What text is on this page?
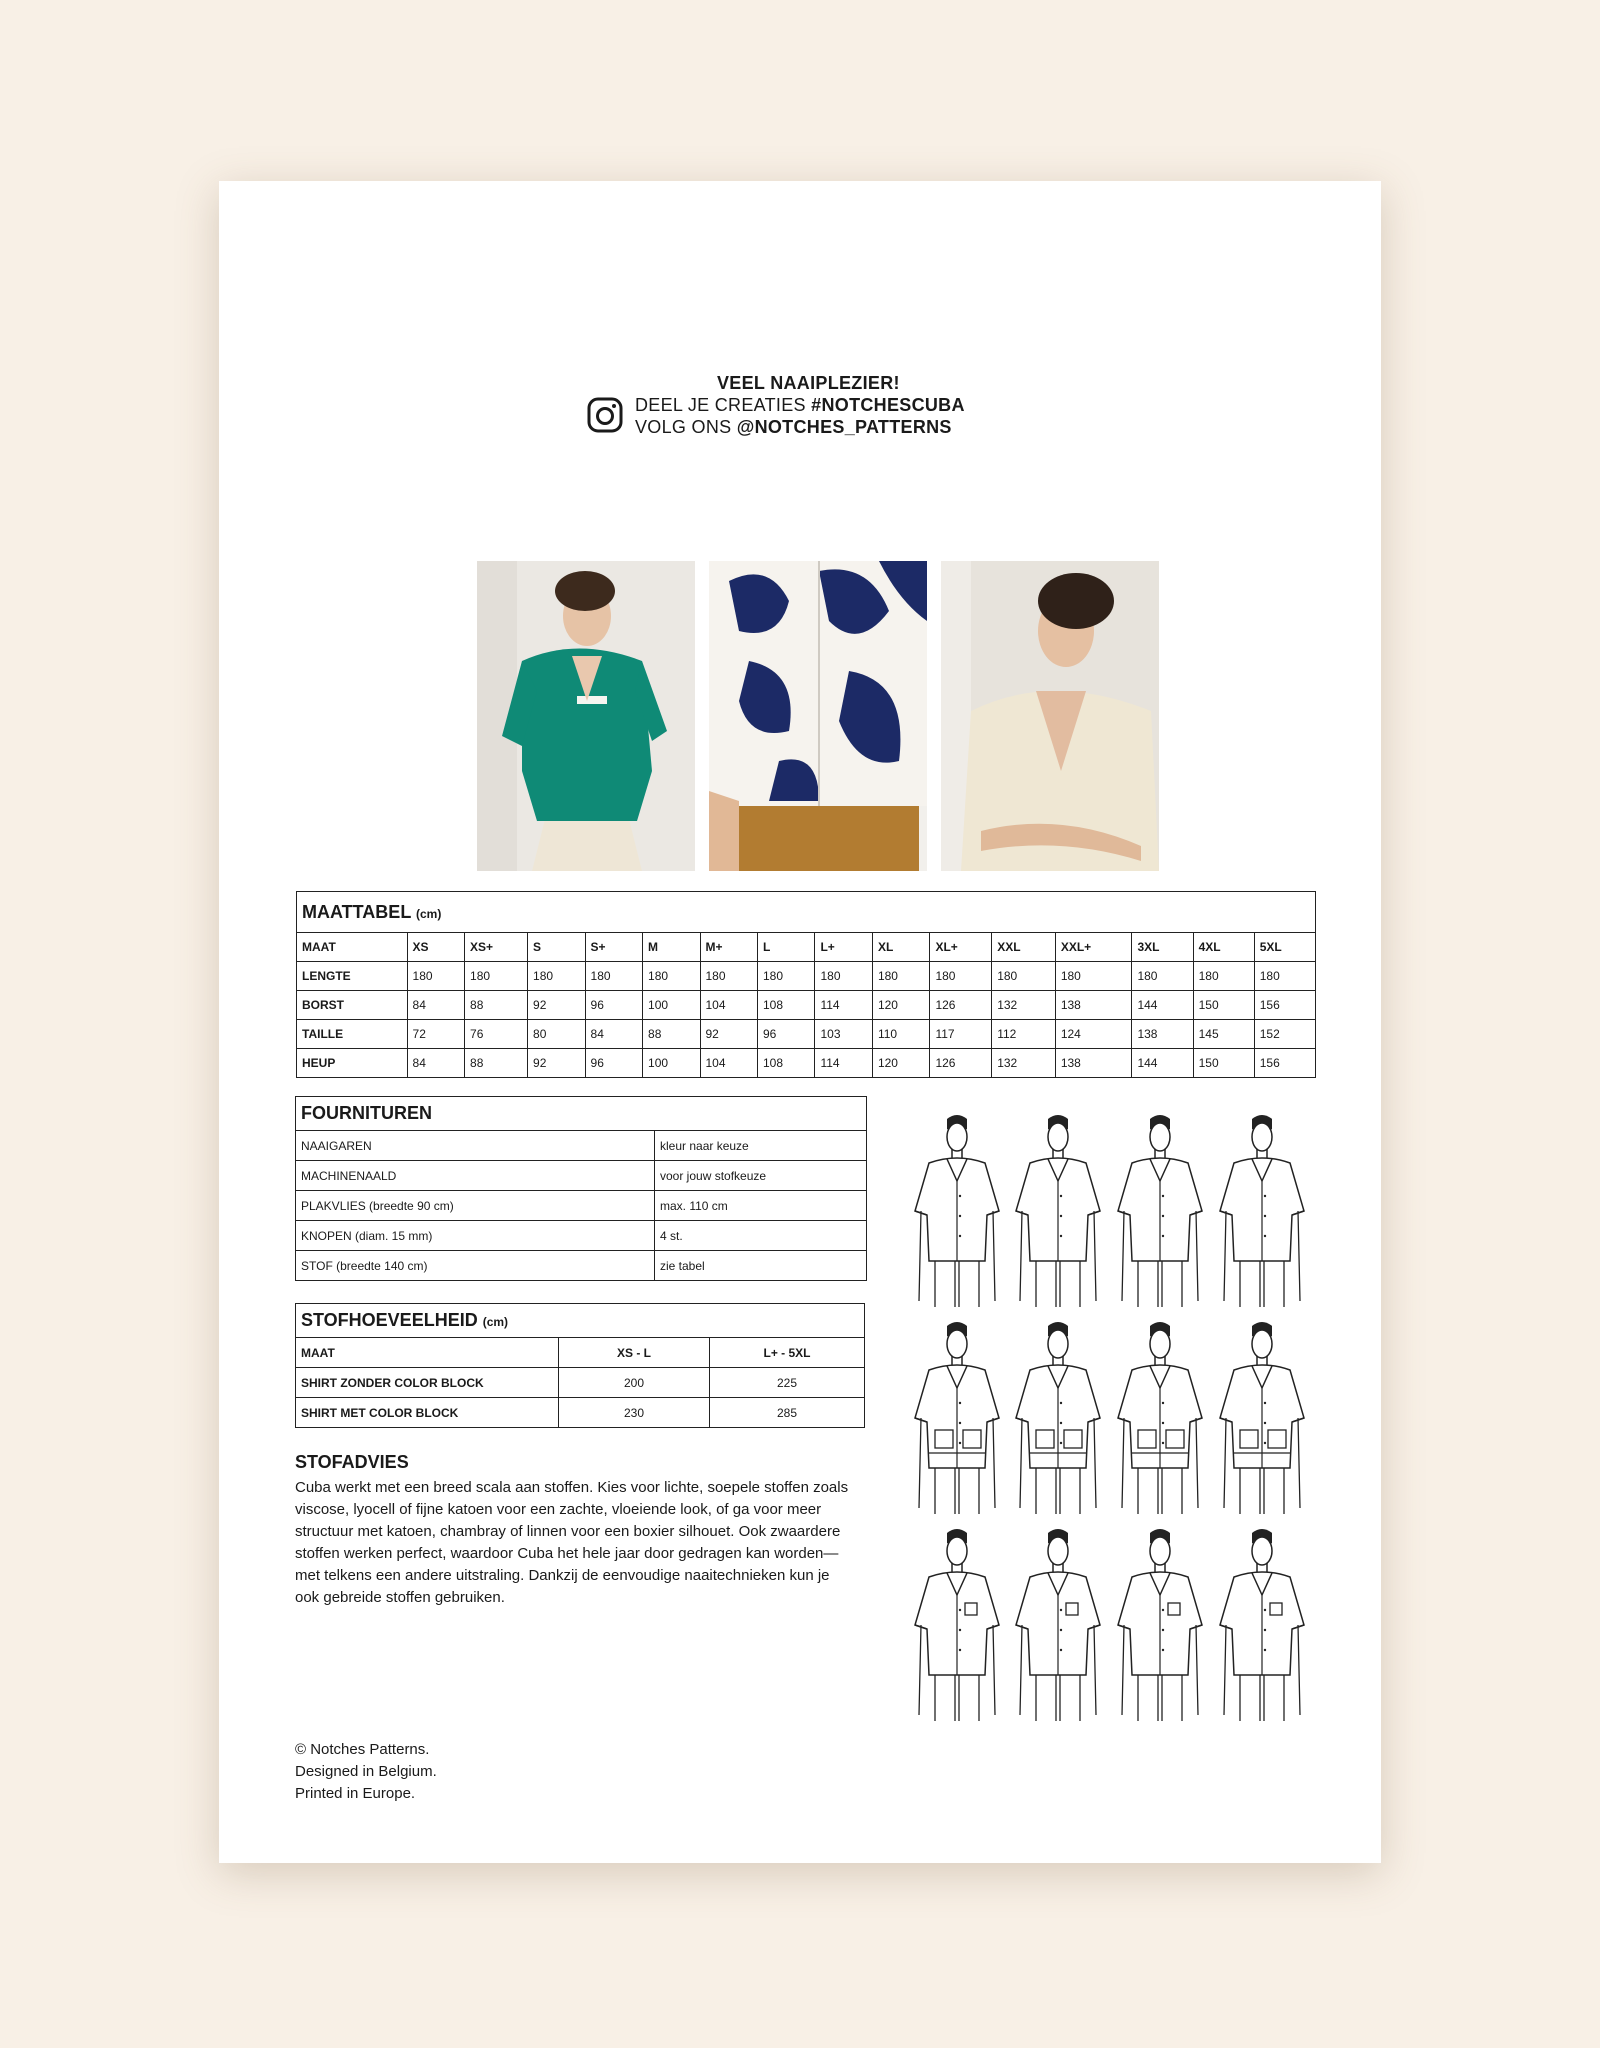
VEEL NAAIPLEZIER!
DEEL JE CREATIES #NOTCHESCUBA
VOLG ONS @NOTCHES_PATTERNS
MAATTABEL (cm)															
MAAT	XS	XS+	S	S+	M	M+	L	L+	XL	XL+	XXL	XXL+	3XL	4XL	5XL
LENGTE	180	180	180	180	180	180	180	180	180	180	180	180	180	180	180
BORST	84	88	92	96	100	104	108	114	120	126	132	138	144	150	156
TAILLE	72	76	80	84	88	92	96	103	110	117	112	124	138	145	152
HEUP	84	88	92	96	100	104	108	114	120	126	132	138	144	150	156
FOURNITUREN	
NAAIGAREN	kleur naar keuze
MACHINENAALD	voor jouw stofkeuze
PLAKVLIES (breedte 90 cm)	max. 110 cm
KNOPEN (diam. 15 mm)	4 st.
STOF (breedte 140 cm)	zie tabel
STOFHOEVEELHEID (cm)		
MAAT	XS - L	L+ - 5XL
SHIRT ZONDER COLOR BLOCK	200	225
SHIRT MET COLOR BLOCK	230	285
STOFADVIES
Cuba werkt met een breed scala aan stoffen. Kies voor lichte, soepele stoffen zoals viscose, lyocell of fijne katoen voor een zachte, vloeiende look, of ga voor meer structuur met katoen, chambray of linnen voor een boxier silhouet. Ook zwaardere stoffen werken perfect, waardoor Cuba het hele jaar door gedragen kan worden—met telkens een andere uitstraling. Dankzij de eenvoudige naaitechnieken kun je ook gebreide stoffen gebruiken.
© Notches Patterns.
Designed in Belgium.
Printed in Europe.
